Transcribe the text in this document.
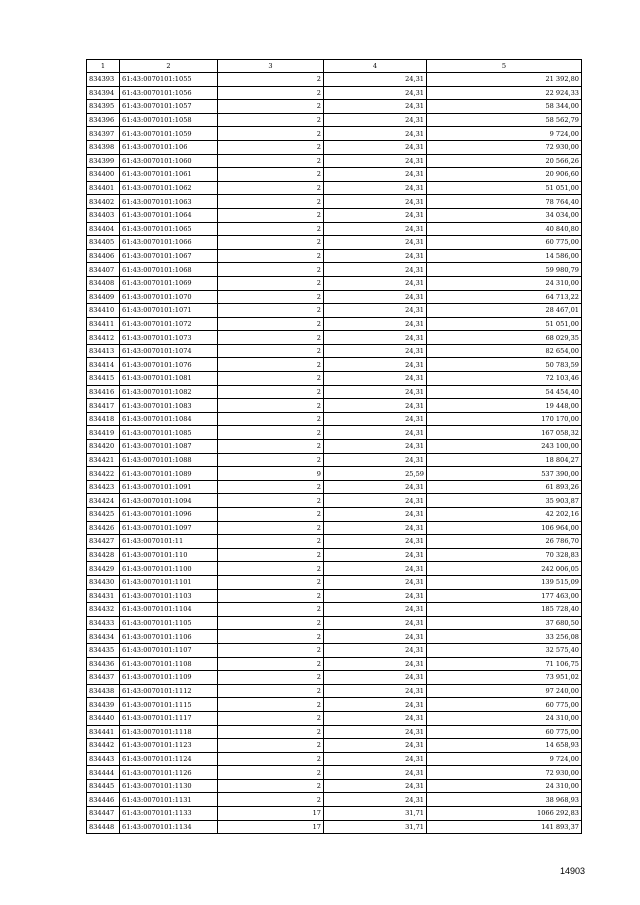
1	2	3	4	5
834393	61:43:0070101:1055	2	24,31	21 392,80
834394	61:43:0070101:1056	2	24,31	22 924,33
834395	61:43:0070101:1057	2	24,31	58 344,00
834396	61:43:0070101:1058	2	24,31	58 562,79
834397	61:43:0070101:1059	2	24,31	9 724,00
834398	61:43:0070101:106	2	24,31	72 930,00
834399	61:43:0070101:1060	2	24,31	20 566,26
834400	61:43:0070101:1061	2	24,31	20 906,60
834401	61:43:0070101:1062	2	24,31	51 051,00
834402	61:43:0070101:1063	2	24,31	78 764,40
834403	61:43:0070101:1064	2	24,31	34 034,00
834404	61:43:0070101:1065	2	24,31	40 840,80
834405	61:43:0070101:1066	2	24,31	60 775,00
834406	61:43:0070101:1067	2	24,31	14 586,00
834407	61:43:0070101:1068	2	24,31	59 980,79
834408	61:43:0070101:1069	2	24,31	24 310,00
834409	61:43:0070101:1070	2	24,31	64 713,22
834410	61:43:0070101:1071	2	24,31	28 467,01
834411	61:43:0070101:1072	2	24,31	51 051,00
834412	61:43:0070101:1073	2	24,31	68 029,35
834413	61:43:0070101:1074	2	24,31	82 654,00
834414	61:43:0070101:1076	2	24,31	50 783,59
834415	61:43:0070101:1081	2	24,31	72 103,46
834416	61:43:0070101:1082	2	24,31	54 454,40
834417	61:43:0070101:1083	2	24,31	19 448,00
834418	61:43:0070101:1084	2	24,31	170 170,00
834419	61:43:0070101:1085	2	24,31	167 058,32
834420	61:43:0070101:1087	2	24,31	243 100,00
834421	61:43:0070101:1088	2	24,31	18 804,27
834422	61:43:0070101:1089	9	25,59	537 390,00
834423	61:43:0070101:1091	2	24,31	61 893,26
834424	61:43:0070101:1094	2	24,31	35 903,87
834425	61:43:0070101:1096	2	24,31	42 202,16
834426	61:43:0070101:1097	2	24,31	106 964,00
834427	61:43:0070101:11	2	24,31	26 786,70
834428	61:43:0070101:110	2	24,31	70 328,83
834429	61:43:0070101:1100	2	24,31	242 006,05
834430	61:43:0070101:1101	2	24,31	139 515,09
834431	61:43:0070101:1103	2	24,31	177 463,00
834432	61:43:0070101:1104	2	24,31	185 728,40
834433	61:43:0070101:1105	2	24,31	37 680,50
834434	61:43:0070101:1106	2	24,31	33 256,08
834435	61:43:0070101:1107	2	24,31	32 575,40
834436	61:43:0070101:1108	2	24,31	71 106,75
834437	61:43:0070101:1109	2	24,31	73 951,02
834438	61:43:0070101:1112	2	24,31	97 240,00
834439	61:43:0070101:1115	2	24,31	60 775,00
834440	61:43:0070101:1117	2	24,31	24 310,00
834441	61:43:0070101:1118	2	24,31	60 775,00
834442	61:43:0070101:1123	2	24,31	14 658,93
834443	61:43:0070101:1124	2	24,31	9 724,00
834444	61:43:0070101:1126	2	24,31	72 930,00
834445	61:43:0070101:1130	2	24,31	24 310,00
834446	61:43:0070101:1131	2	24,31	38 968,93
834447	61:43:0070101:1133	17	31,71	1066 292,83
834448	61:43:0070101:1134	17	31,71	141 893,37
14903
